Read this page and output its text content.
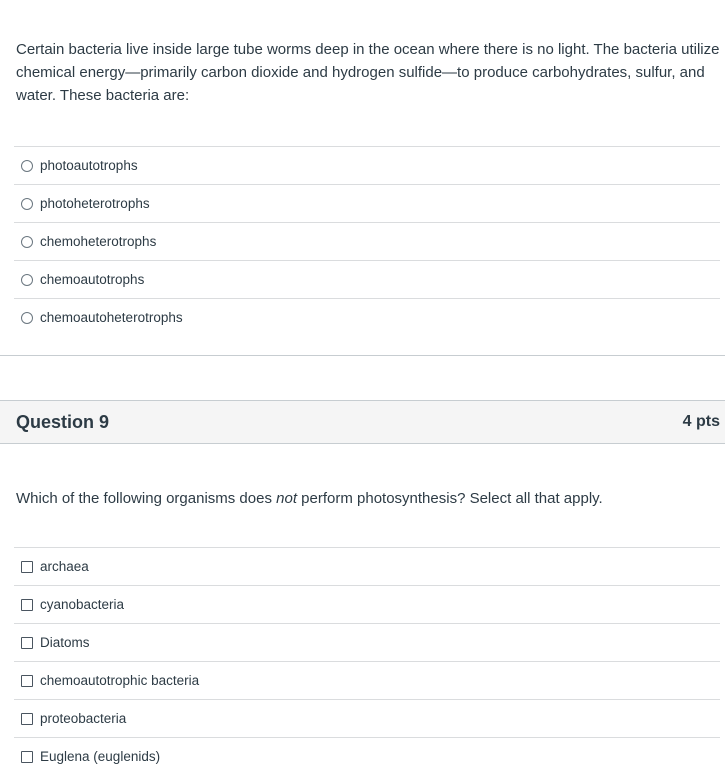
Certain bacteria live inside large tube worms deep in the ocean where there is no light. The bacteria utilize chemical energy—primarily carbon dioxide and hydrogen sulfide—to produce carbohydrates, sulfur, and water. These bacteria are:

photoautotrophs
photoheterotrophs
chemoheterotrophs
chemoautotrophs
chemoautoheterotrophs
Question 9	4 pts

Which of the following organisms does not perform photosynthesis? Select all that apply.

archaea
cyanobacteria
Diatoms
chemoautotrophic bacteria
proteobacteria
Euglena (euglenids)
